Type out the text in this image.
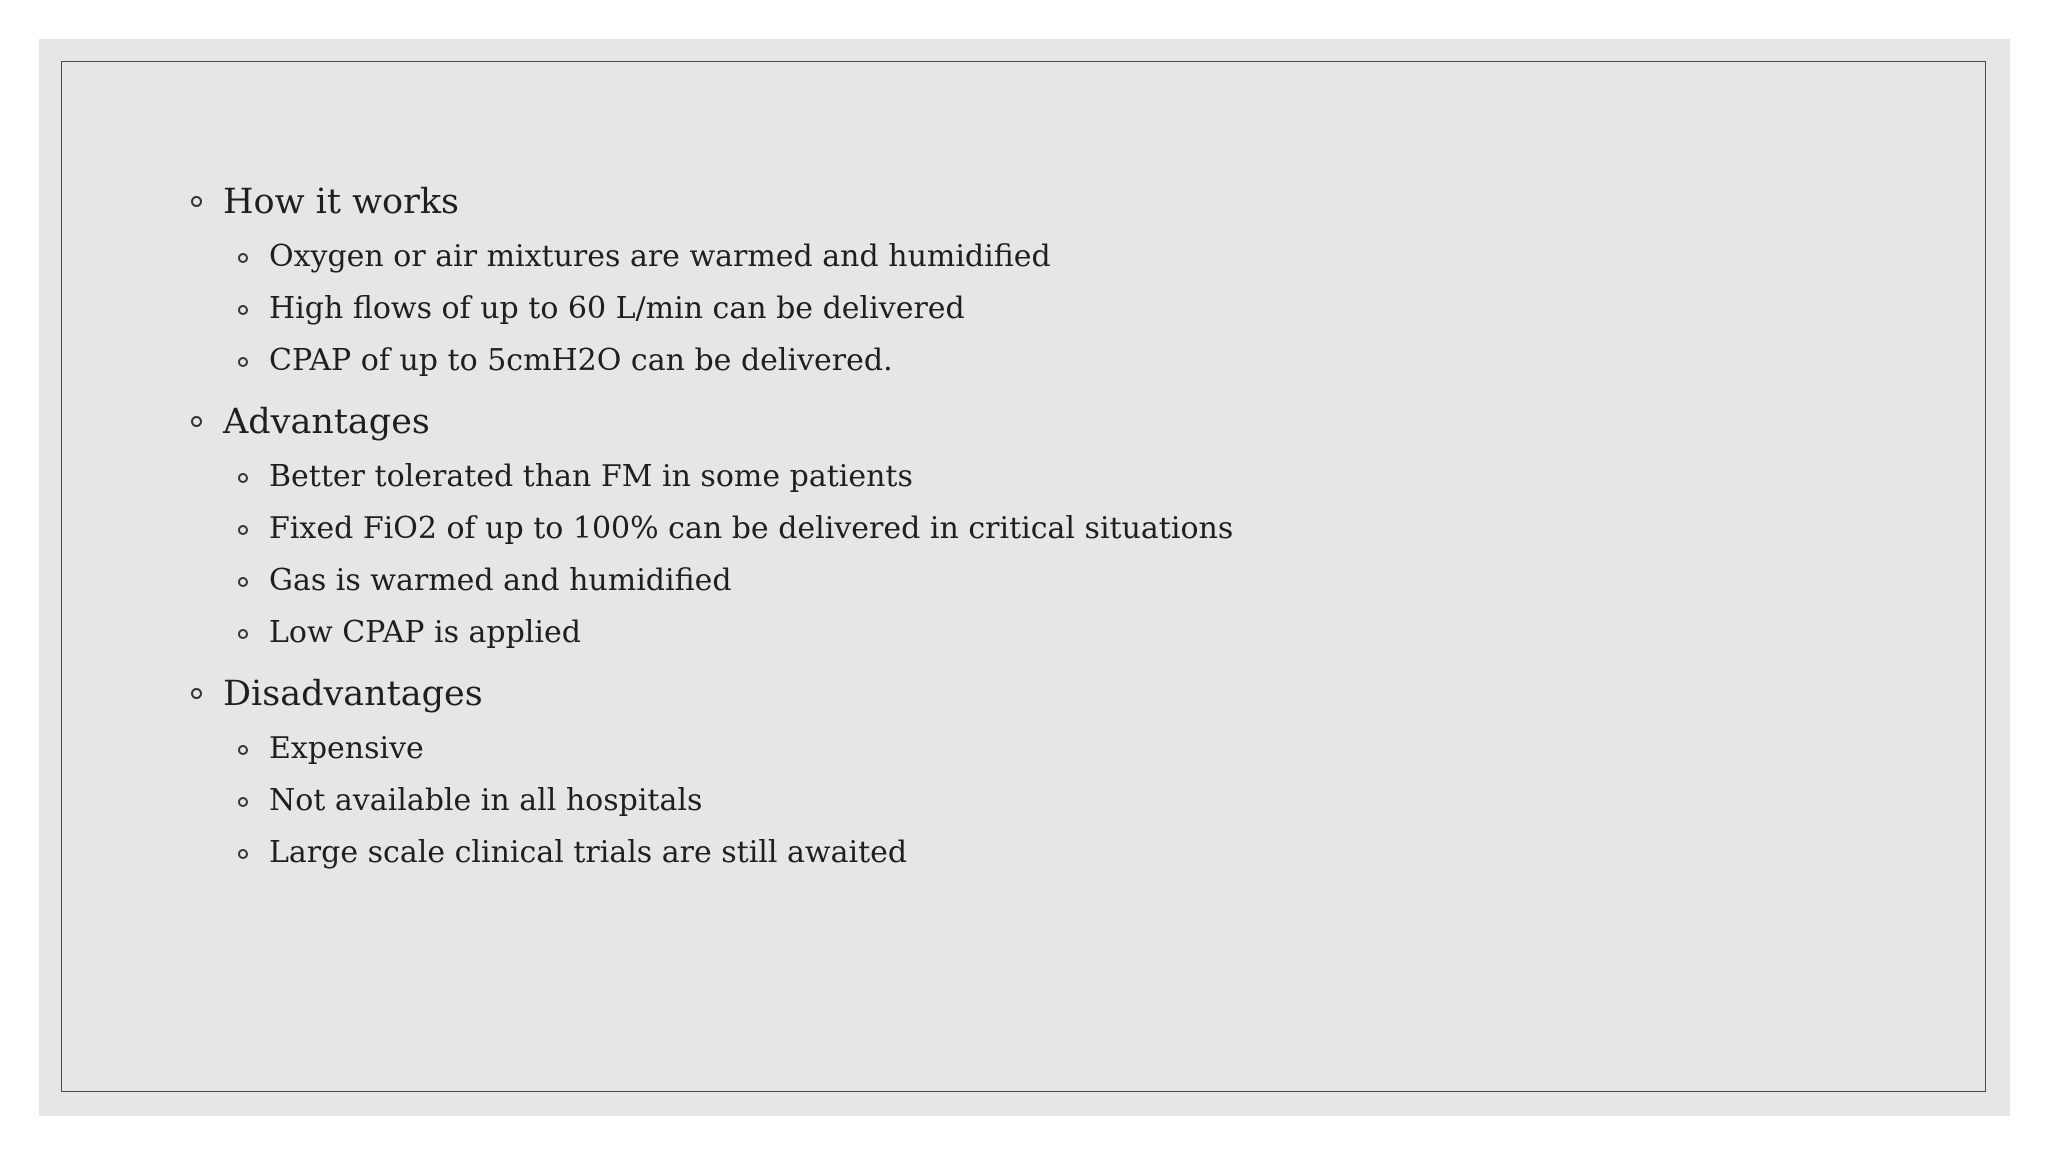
How it works
Oxygen or air mixtures are warmed and humidified
High flows of up to 60 L/min can be delivered
CPAP of up to 5cmH2O can be delivered.
Advantages
Better tolerated than FM in some patients
Fixed FiO2 of up to 100% can be delivered in critical situations
Gas is warmed and humidified
Low CPAP is applied
Disadvantages
Expensive
Not available in all hospitals
Large scale clinical trials are still awaited
